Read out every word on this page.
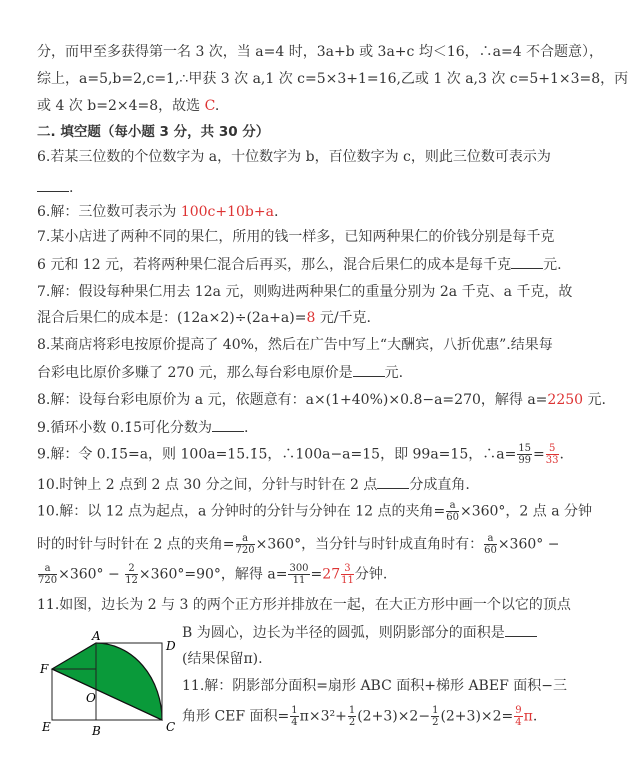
分，而甲至多获得第一名 3 次，当 a=4 时，3a+b 或 3a+c 均＜16，∴a=4 不合题意），
综上，a=5,b=2,c=1,∴甲获 3 次 a,1 次 c=5×3+1=16,乙或 1 次 a,3 次 c=5+1×3=8，丙
或 4 次 b=2×4=8，故选 C.
二. 填空题（每小题 3 分，共 30 分）
6.若某三位数的个位数字为 a，十位数字为 b，百位数字为 c，则此三位数可表示为
.
6.解：三位数可表示为 100c+10b+a.
7.某小店进了两种不同的果仁，所用的钱一样多，已知两种果仁的价钱分别是每千克
6 元和 12 元，若将两种果仁混合后再买，那么，混合后果仁的成本是每千克 元.
7.解：假设每种果仁用去 12a 元，则购进两种果仁的重量分别为 2a 千克、a 千克，故
混合后果仁的成本是：(12a×2)÷(2a+a)=8 元/千克.
8.某商店将彩电按原价提高了 40%，然后在广告中写上“大酬宾，八折优惠”.结果每
台彩电比原价多赚了 270 元，那么每台彩电原价是 元.
8.解：设每台彩电原价为 a 元，依题意有：a×(1+40%)×0.8−a=270，解得 a=2250 元.
9.循环小数 0.1̇5̇可化分数为 .
9.解：令 0.1̇5̇=a，则 100a=15.1̇5̇，∴100a−a=15，即 99a=15，∴a= $\frac{15}{99} = \frac{5}{33}$ .
10.时钟上 2 点到 2 点 30 分之间，分针与时针在 2 点 分成直角.
10.解：以 12 点为起点，a 分钟时的分针与分钟在 12 点的夹角= $\frac{a}{60} \times 360^\circ$，2 点 a 分钟
时的时针与时针在 2 点的夹角= $\frac{a}{720} \times 360^\circ$，当分针与时针成直角时有： $\frac{a}{60} \times 360^\circ$ −
$\frac{a}{720} \times 360^\circ - \frac{2}{12} \times 360^\circ=90^\circ$，解得 $a= \frac{300}{11} =27 \frac{3}{11}$ 分钟.
11.如图，边长为 2 与 3 的两个正方形并排放在一起，在大正方形中画一个以它的顶点
B 为圆心，边长为半径的圆弧，则阴影部分的面积是
(结果保留π).
11.解：阴影部分面积=扇形 ABC 面积+梯形 ABEF 面积−三
角形 CEF 面积= $\frac{1}{4} \pi\times 3^2+ \frac{1}{2} (2+3)\times 2- \frac{1}{2} (2+3)\times 2= \frac{9}{4} \pi$.
A
D
F
O
E	B	C
